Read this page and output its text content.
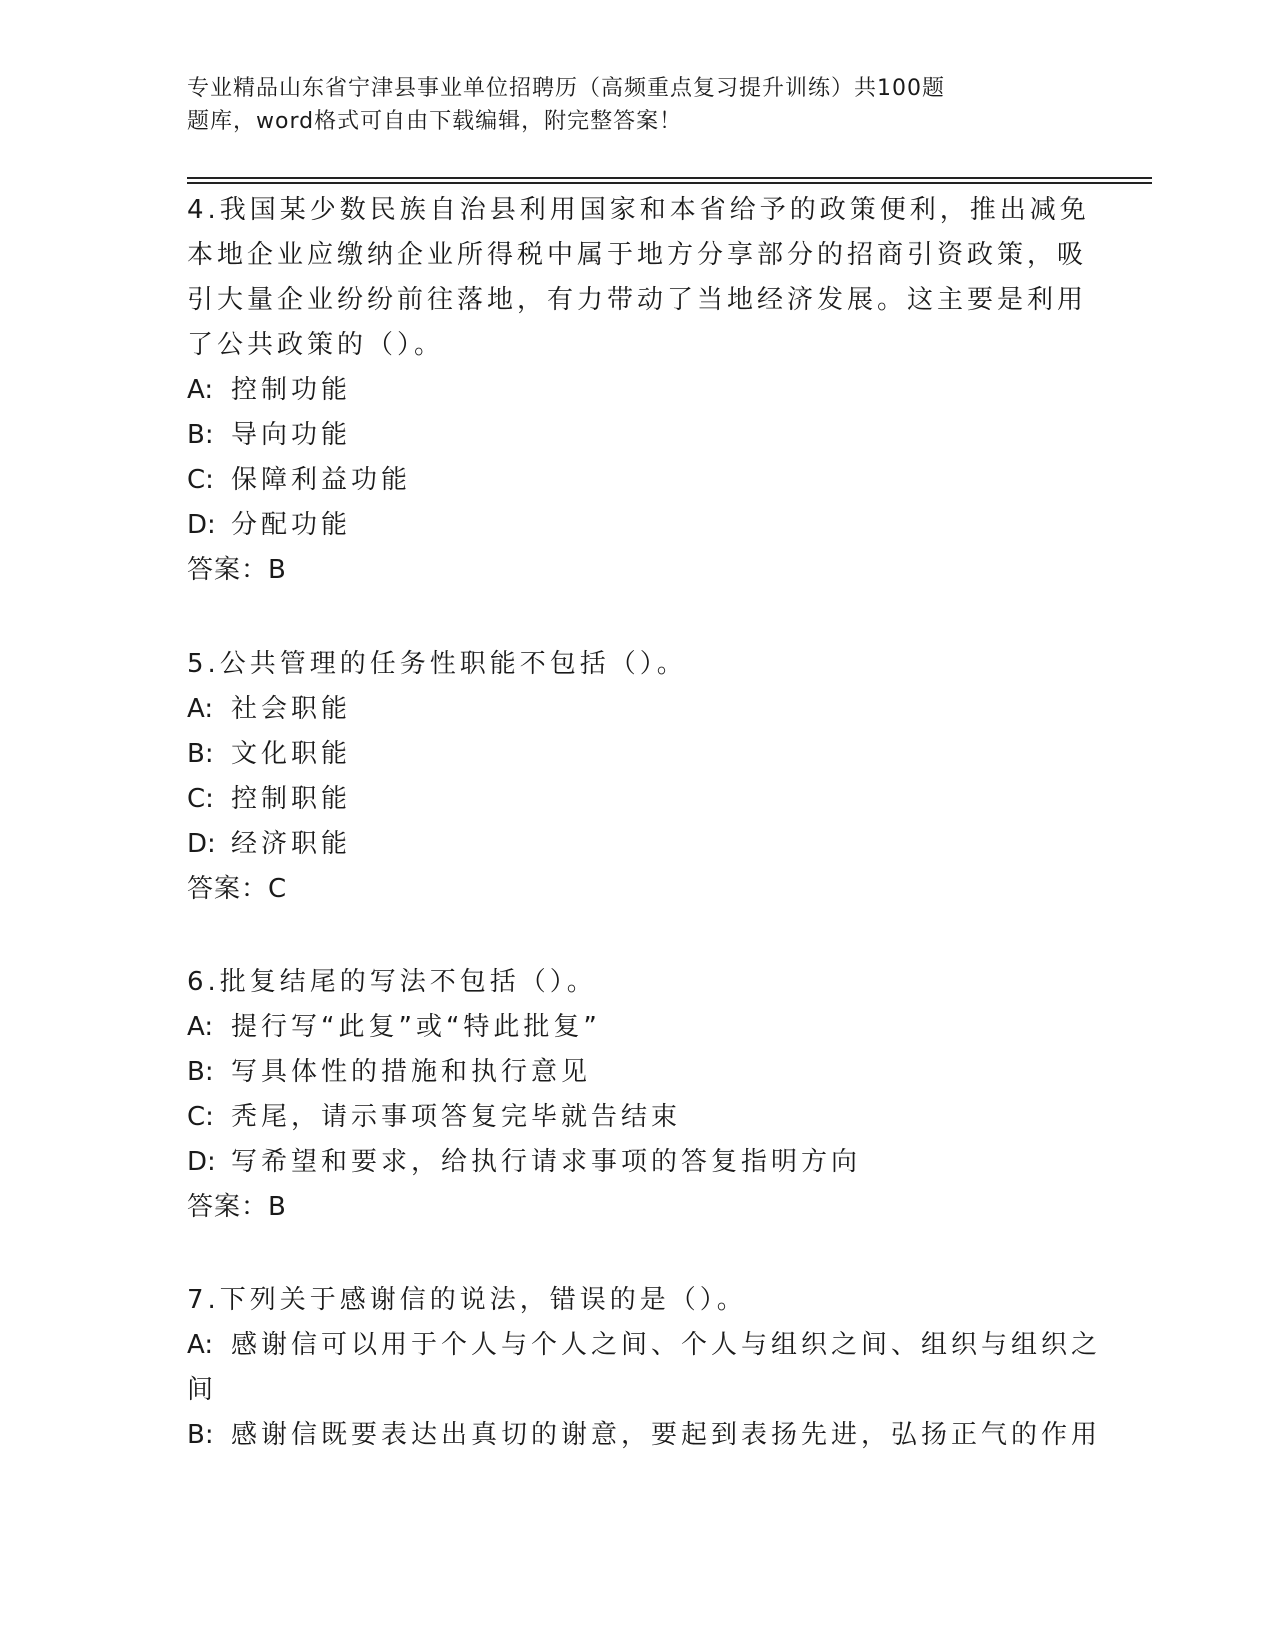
专业精品山东省宁津县事业单位招聘历（高频重点复习提升训练）共100题
题库，word格式可自由下载编辑，附完整答案！
4.我国某少数民族自治县利用国家和本省给予的政策便利，推出减免
本地企业应缴纳企业所得税中属于地方分享部分的招商引资政策，吸
引大量企业纷纷前往落地，有力带动了当地经济发展。这主要是利用
了公共政策的（）。
A: 控制功能
B: 导向功能
C: 保障利益功能
D: 分配功能
答案：B
5.公共管理的任务性职能不包括（）。
A: 社会职能
B: 文化职能
C: 控制职能
D: 经济职能
答案：C
6.批复结尾的写法不包括（）。
A: 提行写“此复”或“特此批复”
B: 写具体性的措施和执行意见
C: 秃尾，请示事项答复完毕就告结束
D: 写希望和要求，给执行请求事项的答复指明方向
答案：B
7.下列关于感谢信的说法，错误的是（）。
A: 感谢信可以用于个人与个人之间、个人与组织之间、组织与组织之
间
B: 感谢信既要表达出真切的谢意，要起到表扬先进，弘扬正气的作用
